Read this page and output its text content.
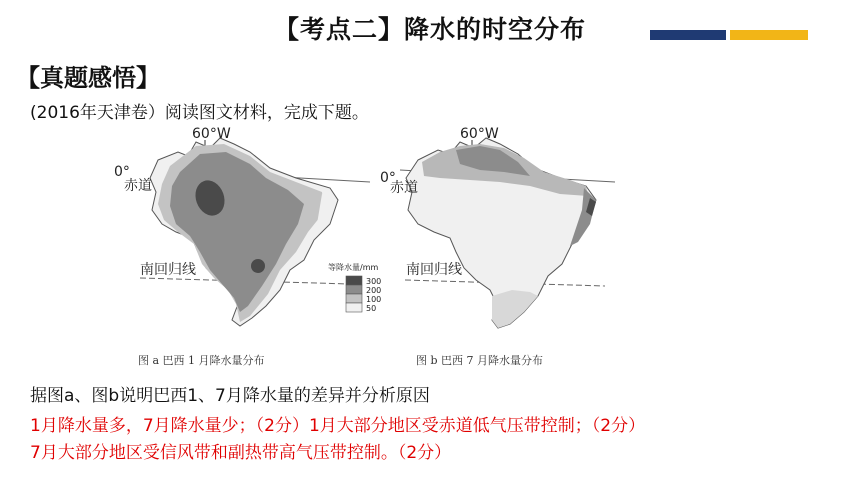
【考点二】降水的时空分布
【真题感悟】
(2016年天津卷）阅读图文材料，完成下题。
60°W
0°
赤道
南回归线
图 a 巴西 1 月降水量分布
等降水量/mm
300
200
100
50
60°W
0°
赤道
南回归线
图 b 巴西 7 月降水量分布
据图a、图b说明巴西1、7月降水量的差异并分析原因
1月降水量多，7月降水量少；（2分）1月大部分地区受赤道低气压带控制；（2分）
7月大部分地区受信风带和副热带高气压带控制。（2分）
